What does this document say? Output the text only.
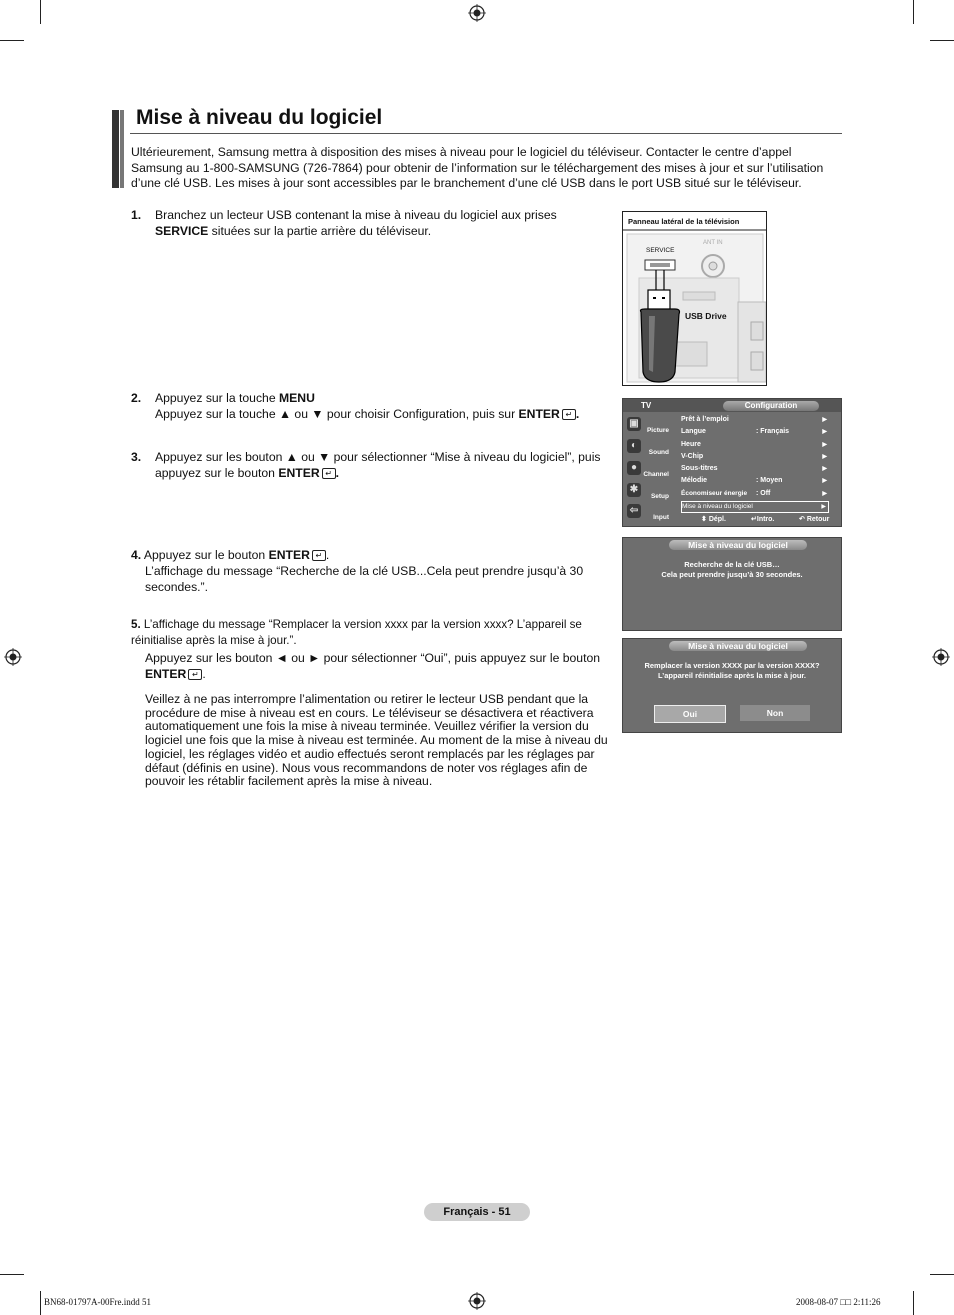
Mise à niveau du logiciel

Ultérieurement, Samsung mettra à disposition des mises à niveau pour le logiciel du téléviseur. Contacter le centre d’appel Samsung au 1-800-SAMSUNG (726-7864) pour obtenir de l’information sur le téléchargement des mises à jour et sur l’utilisation d’une clé USB. Les mises à jour sont accessibles par le branchement d’une clé USB dans le port USB situé sur le téléviseur.

1. Branchez un lecteur USB contenant la mise à niveau du logiciel aux prises
SERVICE situées sur la partie arrière du téléviseur.
2. Appuyez sur la touche MENU
Appuyez sur la touche ▲ ou ▼ pour choisir Configuration, puis sur ENTER ↵ .
3. Appuyez sur les bouton ▲ ou ▼ pour sélectionner “Mise à niveau du logiciel”, puis appuyez sur le bouton ENTER ↵ .
4. Appuyez sur le bouton ENTER ↵ .
L’affichage du message “Recherche de la clé USB...Cela peut prendre jusqu’à 30 secondes.”.
5. L’affichage du message “Remplacer la version xxxx par la version xxxx? L’appareil se réinitialise après la mise à jour.”.
Appuyez sur les bouton ◄ ou ► pour sélectionner “Oui”, puis appuyez sur le bouton ENTER ↵ .
Veillez à ne pas interrompre l’alimentation ou retirer le lecteur USB pendant que la procédure de mise à niveau est en cours. Le téléviseur se désactivera et réactivera automatiquement une fois la mise à niveau terminée. Veuillez vérifier la version du logiciel une fois que la mise à niveau est terminée. Au moment de la mise à niveau du logiciel, les réglages vidéo et audio effectués seront remplacés par les réglages par défaut (définis en usine). Nous vous recommandons de noter vos réglages afin de pouvoir les rétablir facilement après la mise à niveau.
SERVICE
ANT IN
USB Drive
Panneau latéral de la télévision
TV	Configuration
▣
Picture
◐
Sound
●
Channel
✱
Setup
⇦
Input
Prêt à l’emploi	▶
Langue	: Français	▶
Heure	▶
V-Chip	▶
Sous-titres	▶
Mélodie	: Moyen	▶
Économiseur énergie : Off	▶
Mise à niveau du logiciel	▶
⬍ Dépl.	↵Intro.	↶ Retour
Mise à niveau du logiciel
Recherche de la clé USB…
Cela peut prendre jusqu’à 30 secondes.
Mise à niveau du logiciel
Remplacer la version XXXX par la version XXXX?
L’appareil réinitialise après la mise à jour.
Oui	Non
Français - 51
BN68-01797A-00Fre.indd 51	2008-08-07 □□ 2:11:26
